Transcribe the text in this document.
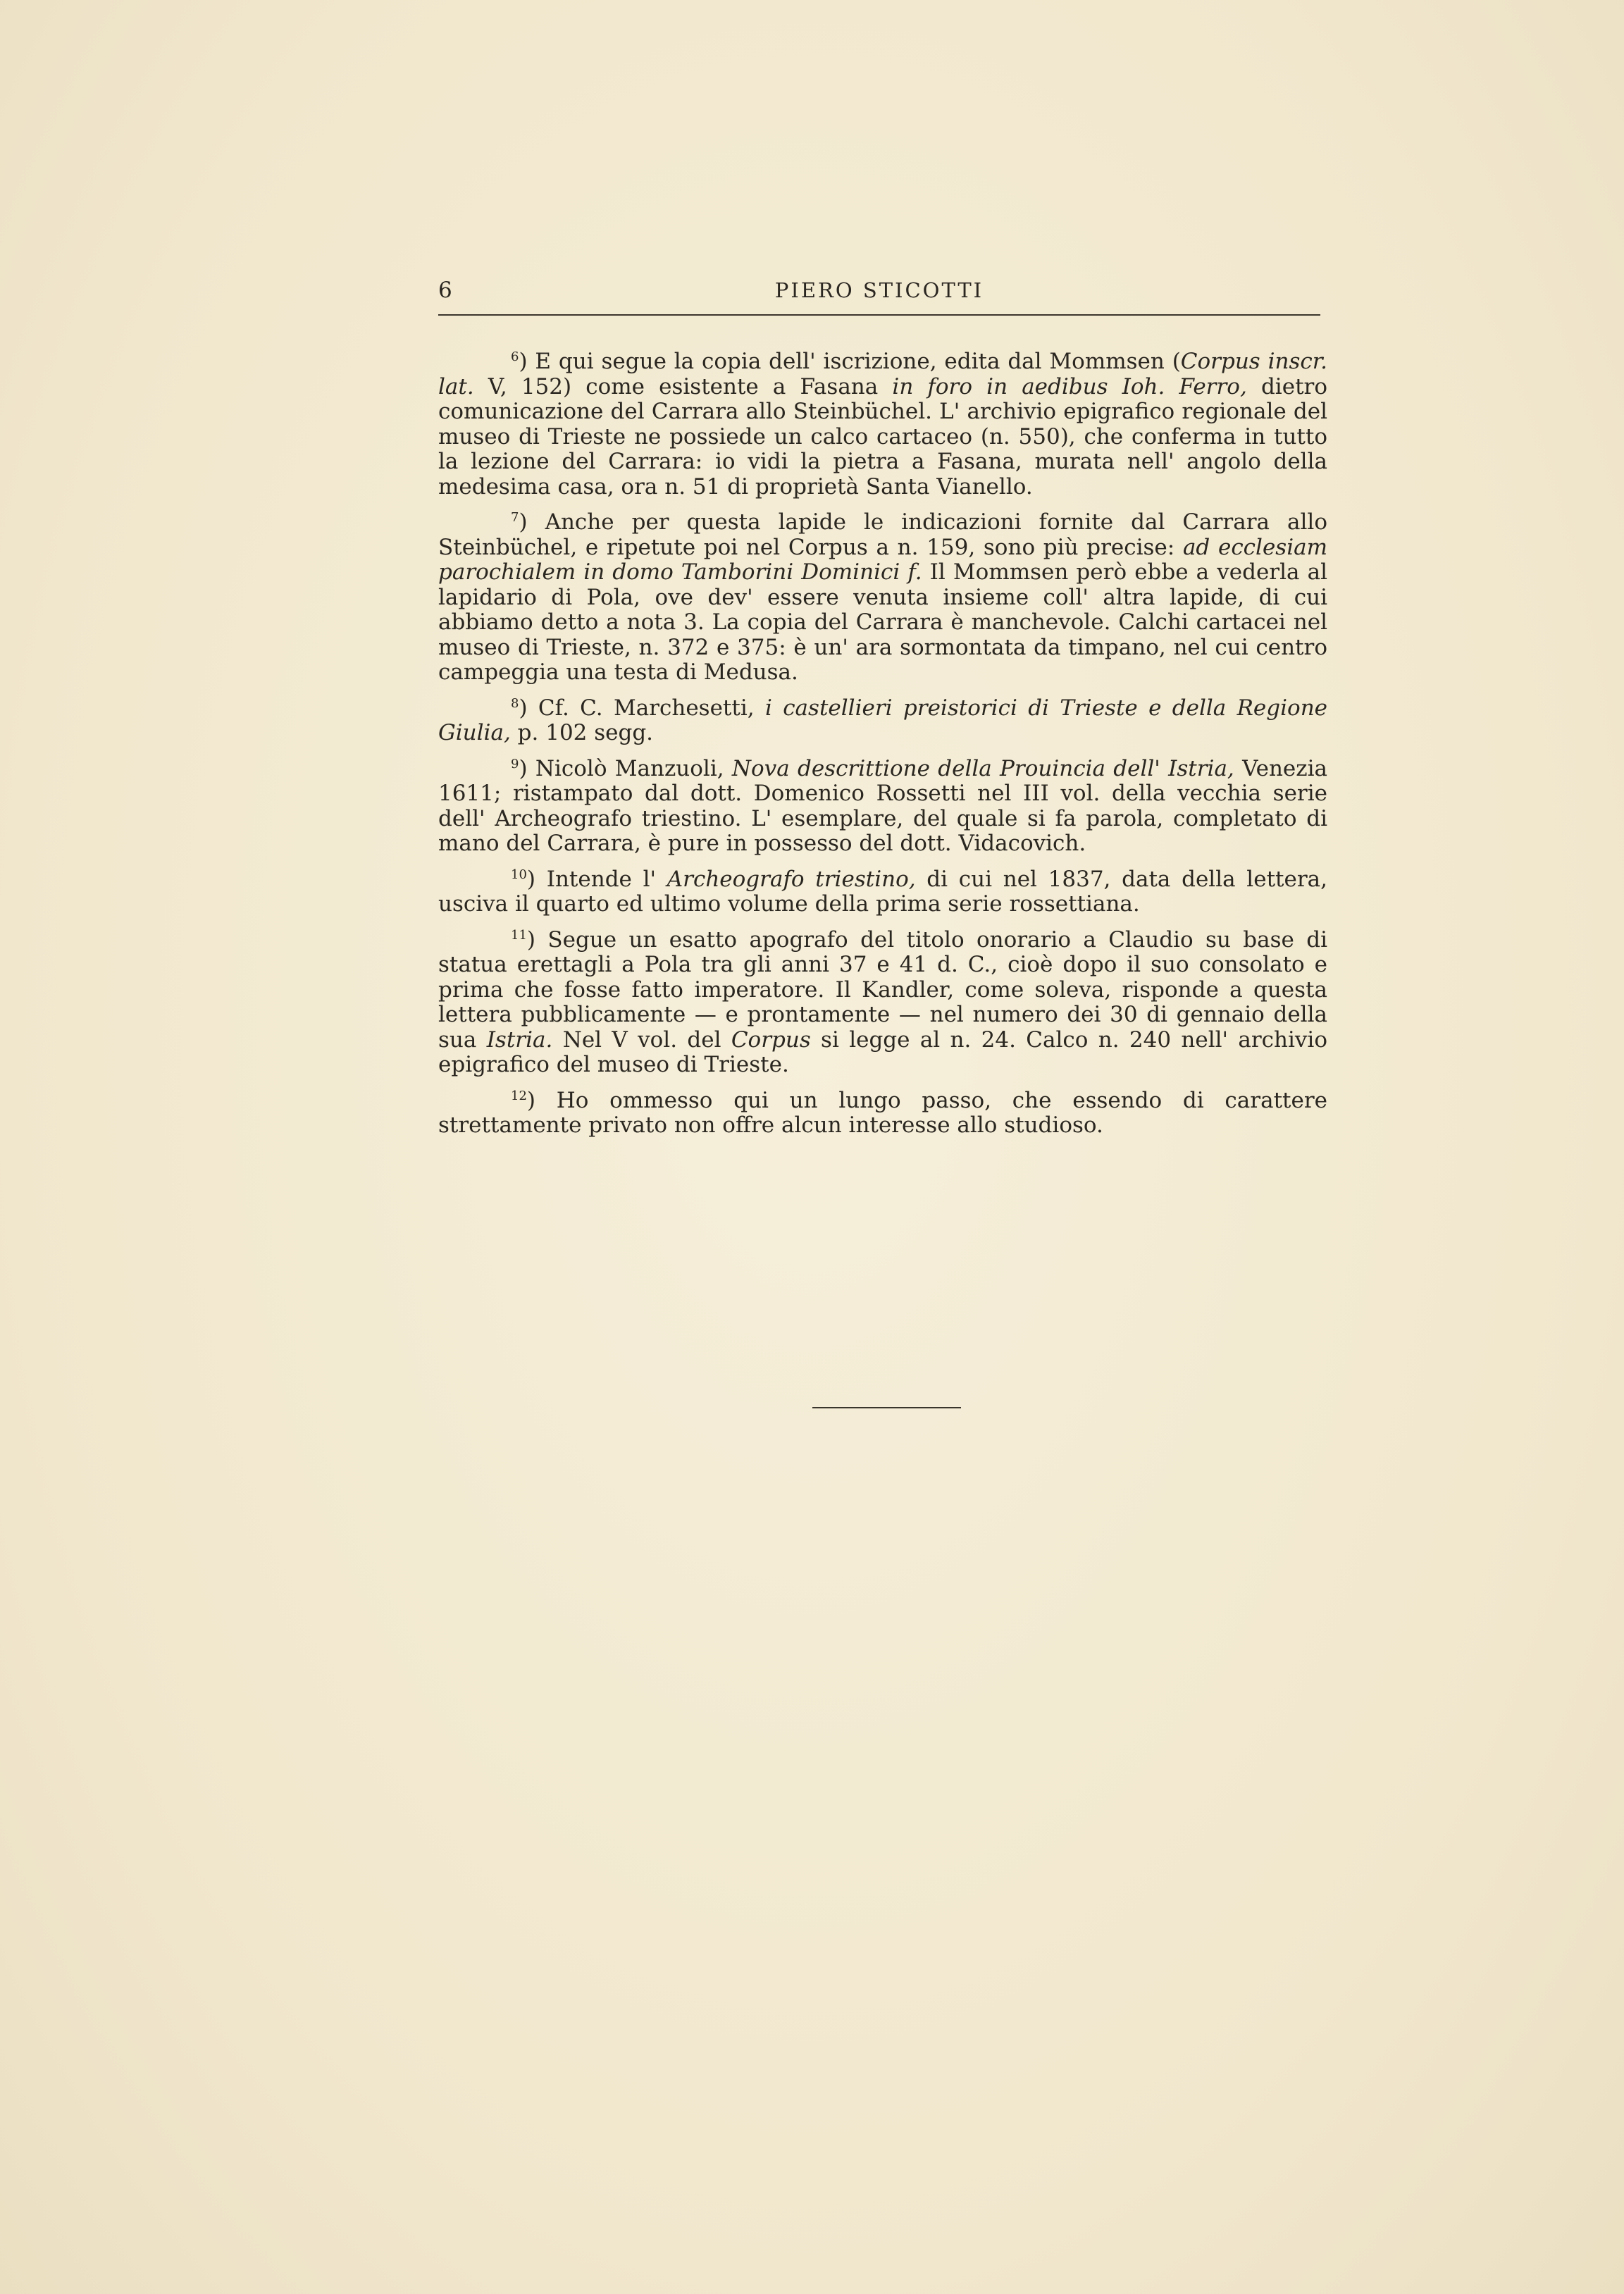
6	PIERO STICOTTI

$^6$) E qui segue la copia dell' iscrizione, edita dal Mommsen (Corpus inscr. lat. V, 152) come esistente a Fasana in foro in aedibus Ioh. Ferro, dietro comunicazione del Carrara allo Steinbüchel. L' archivio epigrafico regionale del museo di Trieste ne possiede un calco cartaceo (n. 550), che conferma in tutto la lezione del Carrara: io vidi la pietra a Fasana, murata nell' angolo della medesima casa, ora n. 51 di proprietà Santa Vianello.

$^7$) Anche per questa lapide le indicazioni fornite dal Carrara allo Steinbüchel, e ripetute poi nel Corpus a n. 159, sono più precise: ad ecclesiam parochialem in domo Tamborini Dominici f. Il Mommsen però ebbe a vederla al lapidario di Pola, ove dev' essere venuta insieme coll' altra lapide, di cui abbiamo detto a nota 3. La copia del Carrara è manchevole. Calchi cartacei nel museo di Trieste, n. 372 e 375: è un' ara sormontata da timpano, nel cui centro campeggia una testa di Medusa.

$^8$) Cf. C. Marchesetti, i castellieri preistorici di Trieste e della Regione Giulia, p. 102 segg.

$^9$) Nicolò Manzuoli, Nova descrittione della Prouincia dell' Istria, Venezia 1611; ristampato dal dott. Domenico Rossetti nel III vol. della vecchia serie dell' Archeografo triestino. L' esemplare, del quale si fa parola, completato di mano del Carrara, è pure in possesso del dott. Vidacovich.

$^{10}$) Intende l' Archeografo triestino, di cui nel 1837, data della lettera, usciva il quarto ed ultimo volume della prima serie rossettiana.

$^{11}$) Segue un esatto apografo del titolo onorario a Claudio su base di statua erettagli a Pola tra gli anni 37 e 41 d. C., cioè dopo il suo consolato e prima che fosse fatto imperatore. Il Kandler, come soleva, risponde a questa lettera pubblicamente — e prontamente — nel numero dei 30 di gennaio della sua Istria. Nel V vol. del Corpus si legge al n. 24. Calco n. 240 nell' archivio epigrafico del museo di Trieste.

$^{12}$) Ho ommesso qui un lungo passo, che essendo di carattere strettamente privato non offre alcun interesse allo studioso.
